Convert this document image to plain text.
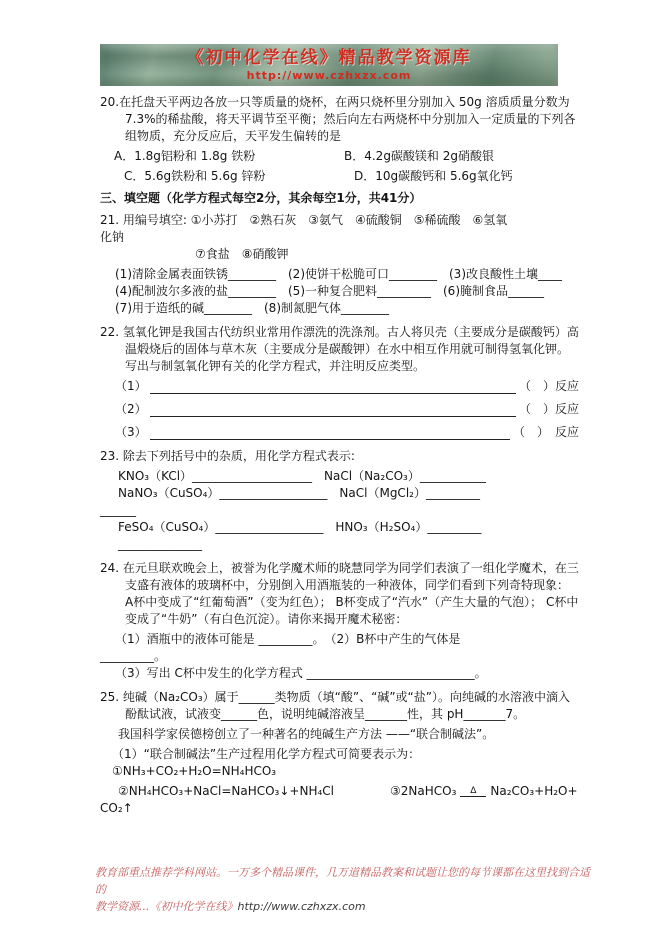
《初中化学在线》精品教学资源库
http://www.czhxzx.com

20.在托盘天平两边各放一只等质量的烧杯，在两只烧杯里分别加入 50g 溶质质量分数为 7.3%的稀盐酸，将天平调节至平衡；然后向左右两烧杯中分别加入一定质量的下列各组物质，充分反应后，天平发生偏转的是

A．1.8g铝粉和 1.8g 铁粉	B．4.2g碳酸镁和 2g硝酸银
C．5.6g铁粉和 5.6g 锌粉	D．10g碳酸钙和 5.6g氧化钙

三、填空题（化学方程式每空2分，其余每空1分，共41分）

21. 用编号填空: ①小苏打　②熟石灰　③氨气　④硫酸铜　⑤稀硫酸　⑥氢氧

化钠

⑦食盐　⑧硝酸钾

(1)清除金属表面铁锈________　(2)使饼干松脆可口________　(3)改良酸性土壤____

(4)配制波尔多液的盐________　(5)一种复合肥料_________　(6)腌制食品______

(7)用于造纸的碱________　(8)制氮肥气体________

22. 氢氧化钾是我国古代纺织业常用作漂洗的洗涤剂。古人将贝壳（主要成分是碳酸钙）高温煅烧后的固体与草木灰（主要成分是碳酸钾）在水中相互作用就可制得氢氧化钾。写出与制氢氧化钾有关的化学方程式，并注明反应类型。

（1）	（　）反应
（2）	（　）反应
（3）	（　）　反应

23. 除去下列括号中的杂质，用化学方程式表示:

KNO₃（KCl）____________________　NaCl（Na₂CO₃）___________

NaNO₃（CuSO₄）__________________　NaCl（MgCl₂）_________

______

FeSO₄（CuSO₄）__________________　HNO₃（H₂SO₄）_________

______________

24. 在元旦联欢晚会上，被誉为化学魔术师的晓慧同学为同学们表演了一组化学魔术，在三支盛有液体的玻璃杯中，分别倒入用酒瓶装的一种液体，同学们看到下列奇特现象： A杯中变成了“红葡萄酒”（变为红色）； B杯变成了“汽水”（产生大量的气泡）； C杯中变成了“牛奶”（有白色沉淀）。请你来揭开魔术秘密：

（1）酒瓶中的液体可能是 _________。　（2）B杯中产生的气体是

_________。

（3）写出 C杯中发生的化学方程式 ____________________________。

25. 纯碱（Na₂CO₃）属于______类物质（填“酸”、“碱”或“盐”）。向纯碱的水溶液中滴入酚酞试液，试液变______色，说明纯碱溶液呈_______性，其 pH_______7。

我国科学家侯德榜创立了一种著名的纯碱生产方法 ——“联合制碱法”。

（1）“联合制碱法”生产过程用化学方程式可简要表示为：①NH₃+CO₂+H₂O=NH₄HCO₃

②NH₄HCO₃+NaCl=NaHCO₃↓+NH₄Cl	③2NaHCO₃ Δ Na₂CO₃+H₂O+

CO₂↑

教育部重点推荐学科网站。一万多个精品课件，几万道精品教案和试题让您的每节课都在这里找到合适的

教学资源...《初中化学在线》http://www.czhxzx.com
